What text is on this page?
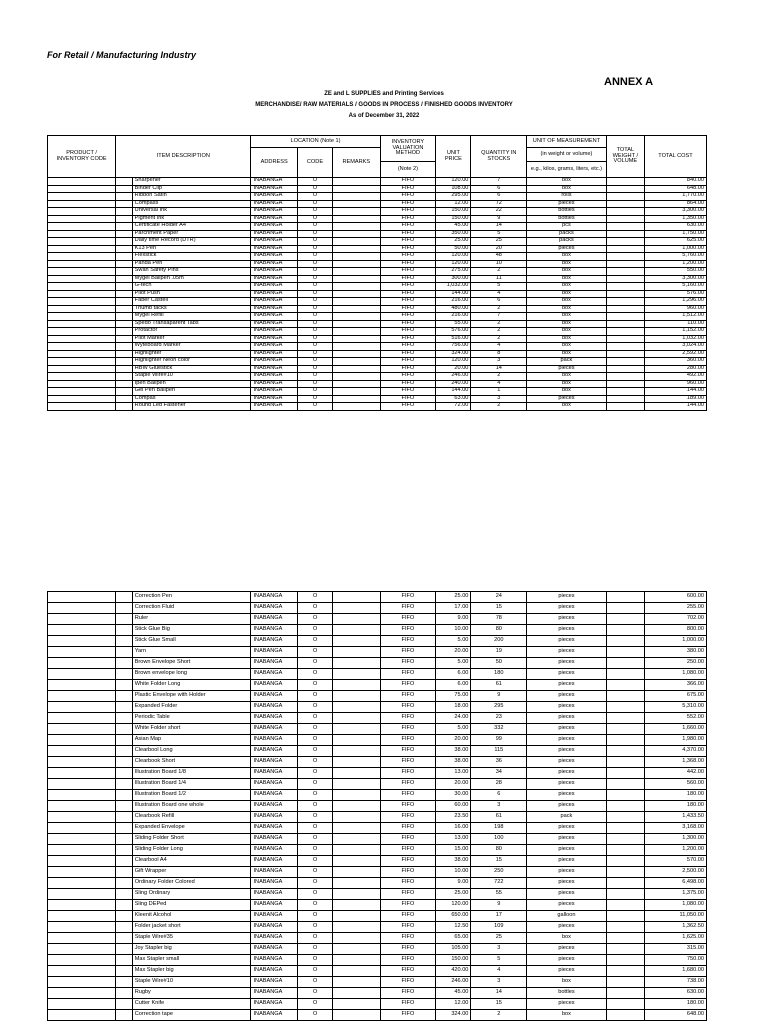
For Retail / Manufacturing Industry
ANNEX A
ZE and L SUPPLIES and Printing Services
MERCHANDISE/ RAW MATERIALS / GOODS IN PROCESS / FINISHED GOODS INVENTORY
As of December 31, 2022
PRODUCT / INVENTORY CODE	ITEM DESCRIPTION		LOCATION (Note 1)			INVENTORY VALUATION METHOD	UNIT PRICE	QUANTITY IN STOCKS	UNIT OF MEASUREMENT	TOTAL WEIGHT / VOLUME	TOTAL COST
			ADDRESS	CODE	REMARKS				(in weight or volume)		
						(Note 2)			e.g., kilos, grams, liters, etc.)		
		Sharpener	INABANGA	O		FIFO	120.00	7	box		840.00
		Binder Clip	INABANGA	O		FIFO	108.00	6	box		648.00
		Ribbon Satin	INABANGA	O		FIFO	295.00	6	rolls		1,770.00
		Compass	INABANGA	O		FIFO	12.00	72	pieces		864.00
		Universal Ink	INABANGA	O		FIFO	150.00	22	bottles		3,300.00
		Pigment Ink	INABANGA	O		FIFO	150.00	9	bottles		1,350.00
		Certificate Holder A4	INABANGA	O		FIFO	45.00	14	pcs		630.00
		Parchment Paper	INABANGA	O		FIFO	350.00	5	packs		1,750.00
		Daily time Record (DTR)	INABANGA	O		FIFO	25.00	25	packs		625.00
		K13 Pen	INABANGA	O		FIFO	50.00	20	pieces		1,000.00
		Flexstick	INABANGA	O		FIFO	120.00	48	box		5,760.00
		Panda Pen	INABANGA	O		FIFO	120.00	10	box		1,200.00
		Swan Safety Pins	INABANGA	O		FIFO	275.00	2	box		550.00
		Mygel Ballpen .05m	INABANGA	O		FIFO	300.00	11	box		3,300.00
		G-tech	INABANGA	O		FIFO	1,032.00	5	box		5,160.00
		Pilot Push	INABANGA	O		FIFO	144.00	4	box		576.00
		Faber Castell	INABANGA	O		FIFO	216.00	6	box		1,296.00
		Thumb tacks	INABANGA	O		FIFO	480.00	2	box		960.00
		Mygel Refill	INABANGA	O		FIFO	216.00	7	box		1,512.00
		Spedo Transaparent Tabs	INABANGA	O		FIFO	55.00	2	box		110.00
		Protactor	INABANGA	O		FIFO	576.00	2	box		1,152.00
		Pilot Marker	INABANGA	O		FIFO	516.00	2	box		1,032.00
		Wyteboard Marker	INABANGA	O		FIFO	756.00	4	box		3,024.00
		Highlighter	INABANGA	O		FIFO	324.00	8	box		2,592.00
		Highlighter Neon color	INABANGA	O		FIFO	120.00	3	pack		360.00
		HBW Gluestick	INABANGA	O		FIFO	20.00	14	pieces		280.00
		Staple Wire#10	INABANGA	O		FIFO	246.00	2	box		492.00
		Ipen Ballpen	INABANGA	O		FIFO	240.00	4	box		960.00
		Gel Pen Ballpen	INABANGA	O		FIFO	144.00	1	box		144.00
		Compas	INABANGA	O		FIFO	63.00	3	pieces		189.00
		Round Led Fastener	INABANGA	O		FIFO	72.00	2	box		144.00
		Correction Pen	INABANGA	O		FIFO	25.00	24	pieces		600.00
		Correction Fluid	INABANGA	O		FIFO	17.00	15	pieces		255.00
		Ruler	INABANGA	O		FIFO	9.00	78	pieces		702.00
		Stick Glue Big	INABANGA	O		FIFO	10.00	80	pieces		800.00
		Stick Glue Small	INABANGA	O		FIFO	5.00	200	pieces		1,000.00
		Yarn	INABANGA	O		FIFO	20.00	19	pieces		380.00
		Brown Envelope Short	INABANGA	O		FIFO	5.00	50	pieces		250.00
		Brown envelope long	INABANGA	O		FIFO	6.00	180	pieces		1,080.00
		White Folder Long	INABANGA	O		FIFO	6.00	61	pieces		366.00
		Plastic Envelope with Holder	INABANGA	O		FIFO	75.00	9	pieces		675.00
		Expanded Folder	INABANGA	O		FIFO	18.00	295	pieces		5,310.00
		Periodic Table	INABANGA	O		FIFO	24.00	23	pieces		552.00
		White Folder short	INABANGA	O		FIFO	5.00	332	pieces		1,660.00
		Asian Map	INABANGA	O		FIFO	20.00	99	pieces		1,980.00
		Clearbool Long	INABANGA	O		FIFO	38.00	115	pieces		4,370.00
		Clearbook Short	INABANGA	O		FIFO	38.00	36	pieces		1,368.00
		Illustration Board 1/8	INABANGA	O		FIFO	13.00	34	pieces		442.00
		Illustration Board 1/4	INABANGA	O		FIFO	20.00	28	pieces		560.00
		Illustration Board 1/2	INABANGA	O		FIFO	30.00	6	pieces		180.00
		Illustration Board one whole	INABANGA	O		FIFO	60.00	3	pieces		180.00
		Clearbook Refill	INABANGA	O		FIFO	23.50	61	pack		1,433.50
		Expanded Envelope	INABANGA	O		FIFO	16.00	198	pieces		3,168.00
		Sliding Folder Short	INABANGA	O		FIFO	13.00	100	pieces		1,300.00
		Sliding Folder Long	INABANGA	O		FIFO	15.00	80	pieces		1,200.00
		Clearbool A4	INABANGA	O		FIFO	38.00	15	pieces		570.00
		Gift Wrapper	INABANGA	O		FIFO	10.00	250	pieces		2,500.00
		Ordinary Folder Colored	INABANGA	O		FIFO	9.00	722	pieces		6,498.00
		Sling Ordinary	INABANGA	O		FIFO	25.00	55	pieces		1,375.00
		Sling DEPed	INABANGA	O		FIFO	120.00	9	pieces		1,080.00
		Kleenit Alcohol	INABANGA	O		FIFO	650.00	17	galloon		11,050.00
		Folder jacket short	INABANGA	O		FIFO	12.50	109	pieces		1,362.50
		Staple Wire#35	INABANGA	O		FIFO	65.00	25	box		1,625.00
		Joy Stapler big	INABANGA	O		FIFO	105.00	3	pieces		315.00
		Max Stapler small	INABANGA	O		FIFO	150.00	5	pieces		750.00
		Max Stapler big	INABANGA	O		FIFO	420.00	4	pieces		1,680.00
		Staple Wire#10	INABANGA	O		FIFO	246.00	3	box		738.00
		Rugby	INABANGA	O		FIFO	45.00	14	bottles		630.00
		Cutter Knife	INABANGA	O		FIFO	12.00	15	pieces		180.00
		Correction tape	INABANGA	O		FIFO	324.00	2	box		648.00
